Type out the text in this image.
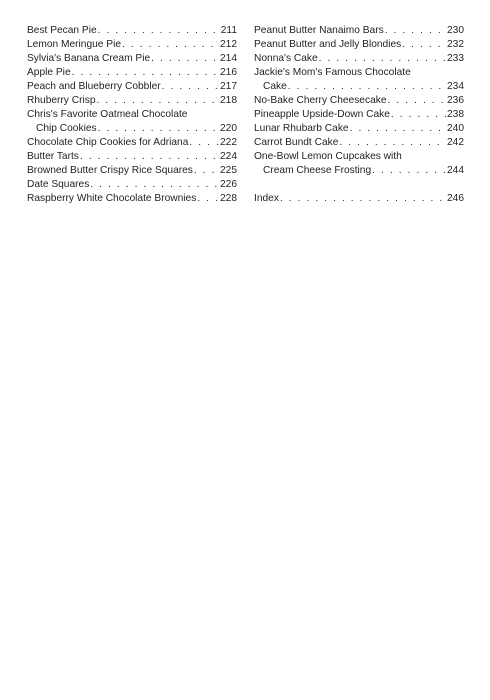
Best Pecan Pie . . .	211
Lemon Meringue Pie . . .	212
Sylvia's Banana Cream Pie . . .	214
Apple Pie . . .	216
Peach and Blueberry Cobbler . . .	217
Rhuberry Crisp . . .	218
Chris's Favorite Oatmeal Chocolate
Chip Cookies . . .	220
Chocolate Chip Cookies for Adriana . . .	222
Butter Tarts . . .	224
Browned Butter Crispy Rice Squares . . .	225
Date Squares . . .	226
Raspberry White Chocolate Brownies . . . 228
Peanut Butter Nanaimo Bars . . .	230
Peanut Butter and Jelly Blondies . . .	232
Nonna's Cake . . .	233
Jackie's Mom's Famous Chocolate
Cake . . .	234
No-Bake Cherry Cheesecake . . .	236
Pineapple Upside-Down Cake . . .	238
Lunar Rhubarb Cake . . .	240
Carrot Bundt Cake . . .	242
One-Bowl Lemon Cupcakes with
Cream Cheese Frosting . . .	244
Index . . .	246
